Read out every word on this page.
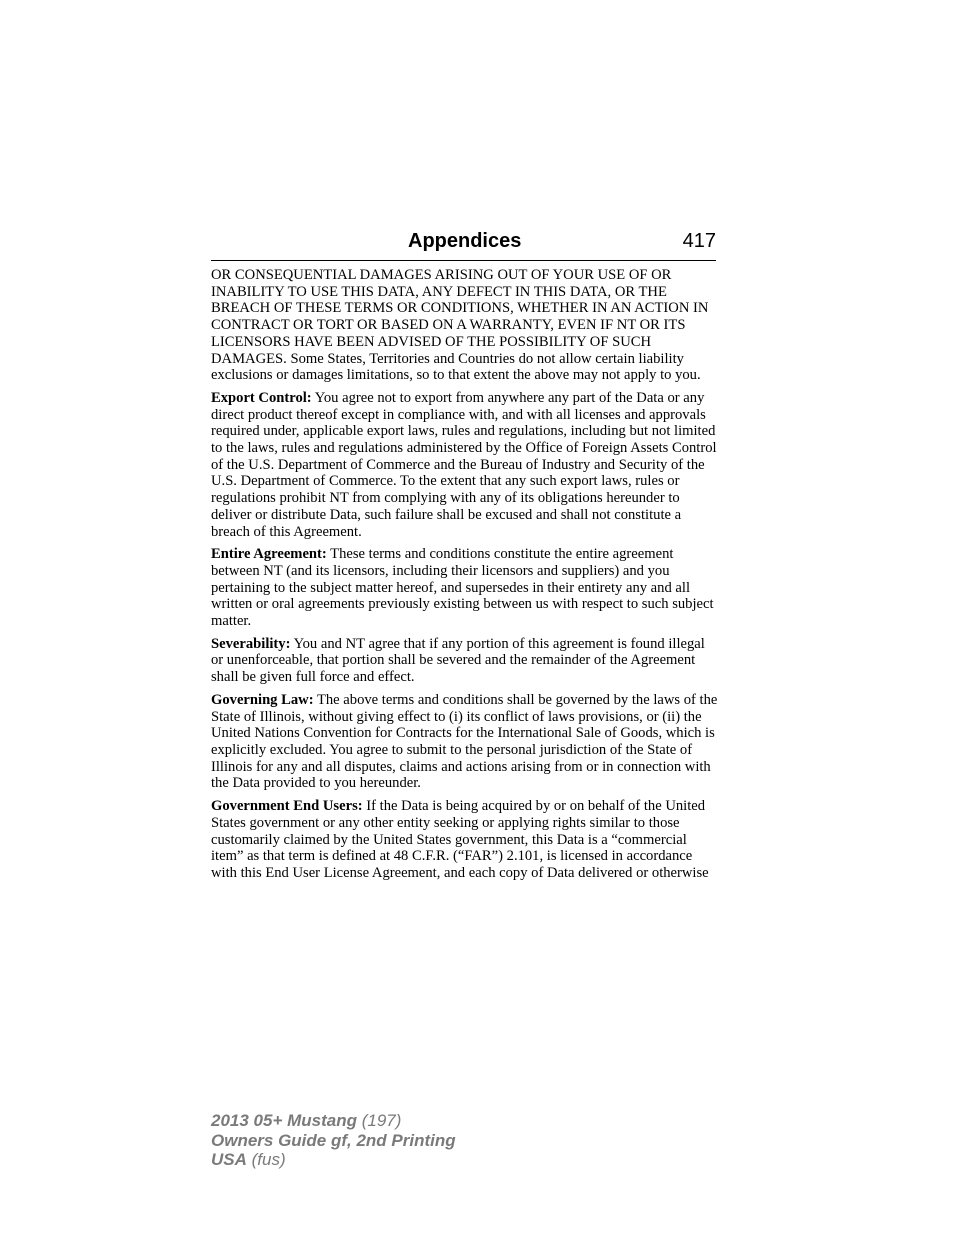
Appendices	417

OR CONSEQUENTIAL DAMAGES ARISING OUT OF YOUR USE OF OR INABILITY TO USE THIS DATA, ANY DEFECT IN THIS DATA, OR THE BREACH OF THESE TERMS OR CONDITIONS, WHETHER IN AN ACTION IN CONTRACT OR TORT OR BASED ON A WARRANTY, EVEN IF NT OR ITS LICENSORS HAVE BEEN ADVISED OF THE POSSIBILITY OF SUCH DAMAGES. Some States, Territories and Countries do not allow certain liability exclusions or damages limitations, so to that extent the above may not apply to you.

Export Control: You agree not to export from anywhere any part of the Data or any direct product thereof except in compliance with, and with all licenses and approvals required under, applicable export laws, rules and regulations, including but not limited to the laws, rules and regulations administered by the Office of Foreign Assets Control of the U.S. Department of Commerce and the Bureau of Industry and Security of the U.S. Department of Commerce. To the extent that any such export laws, rules or regulations prohibit NT from complying with any of its obligations hereunder to deliver or distribute Data, such failure shall be excused and shall not constitute a breach of this Agreement.

Entire Agreement: These terms and conditions constitute the entire agreement between NT (and its licensors, including their licensors and suppliers) and you pertaining to the subject matter hereof, and supersedes in their entirety any and all written or oral agreements previously existing between us with respect to such subject matter.

Severability: You and NT agree that if any portion of this agreement is found illegal or unenforceable, that portion shall be severed and the remainder of the Agreement shall be given full force and effect.

Governing Law: The above terms and conditions shall be governed by the laws of the State of Illinois, without giving effect to (i) its conflict of laws provisions, or (ii) the United Nations Convention for Contracts for the International Sale of Goods, which is explicitly excluded. You agree to submit to the personal jurisdiction of the State of Illinois for any and all disputes, claims and actions arising from or in connection with the Data provided to you hereunder.

Government End Users: If the Data is being acquired by or on behalf of the United States government or any other entity seeking or applying rights similar to those customarily claimed by the United States government, this Data is a “commercial item” as that term is defined at 48 C.F.R. (“FAR”) 2.101, is licensed in accordance with this End User License Agreement, and each copy of Data delivered or otherwise

2013 05+ Mustang (197)
Owners Guide gf, 2nd Printing
USA (fus)
